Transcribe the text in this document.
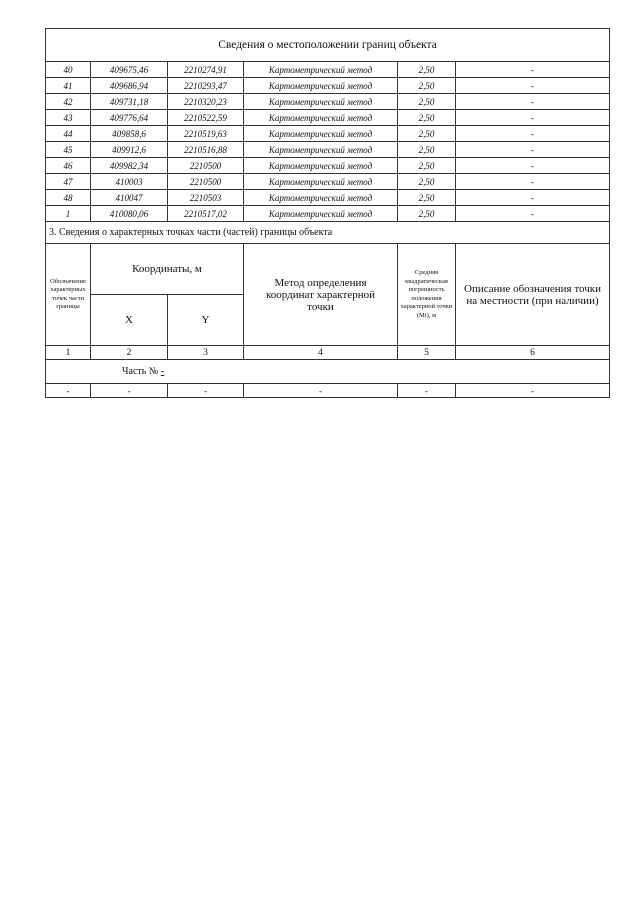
Сведения о местоположении границ объекта					
40	409675,46	2210274,91	Картометрический метод	2,50	-
41	409686,94	2210293,47	Картометрический метод	2,50	-
42	409731,18	2210320,23	Картометрический метод	2,50	-
43	409776,64	2210522,59	Картометрический метод	2,50	-
44	409858,6	2210519,63	Картометрический метод	2,50	-
45	409912,6	2210516,88	Картометрический метод	2,50	-
46	409982,34	2210500	Картометрический метод	2,50	-
47	410003	2210500	Картометрический метод	2,50	-
48	410047	2210503	Картометрический метод	2,50	-
1	410080,06	2210517,02	Картометрический метод	2,50	-
3. Сведения о характерных точках части (частей) границы объекта					

Обозначение характерных точек части границы	Координаты, м		Метод определения координат характерной точки	Средняя квадратическая погрешность положения характерной точки (Mt), м	Описание обозначения точки на местности (при наличии)

	X	Y			
1	2	3	4	5	6
Часть № -					
-	-	-	-	-	-
